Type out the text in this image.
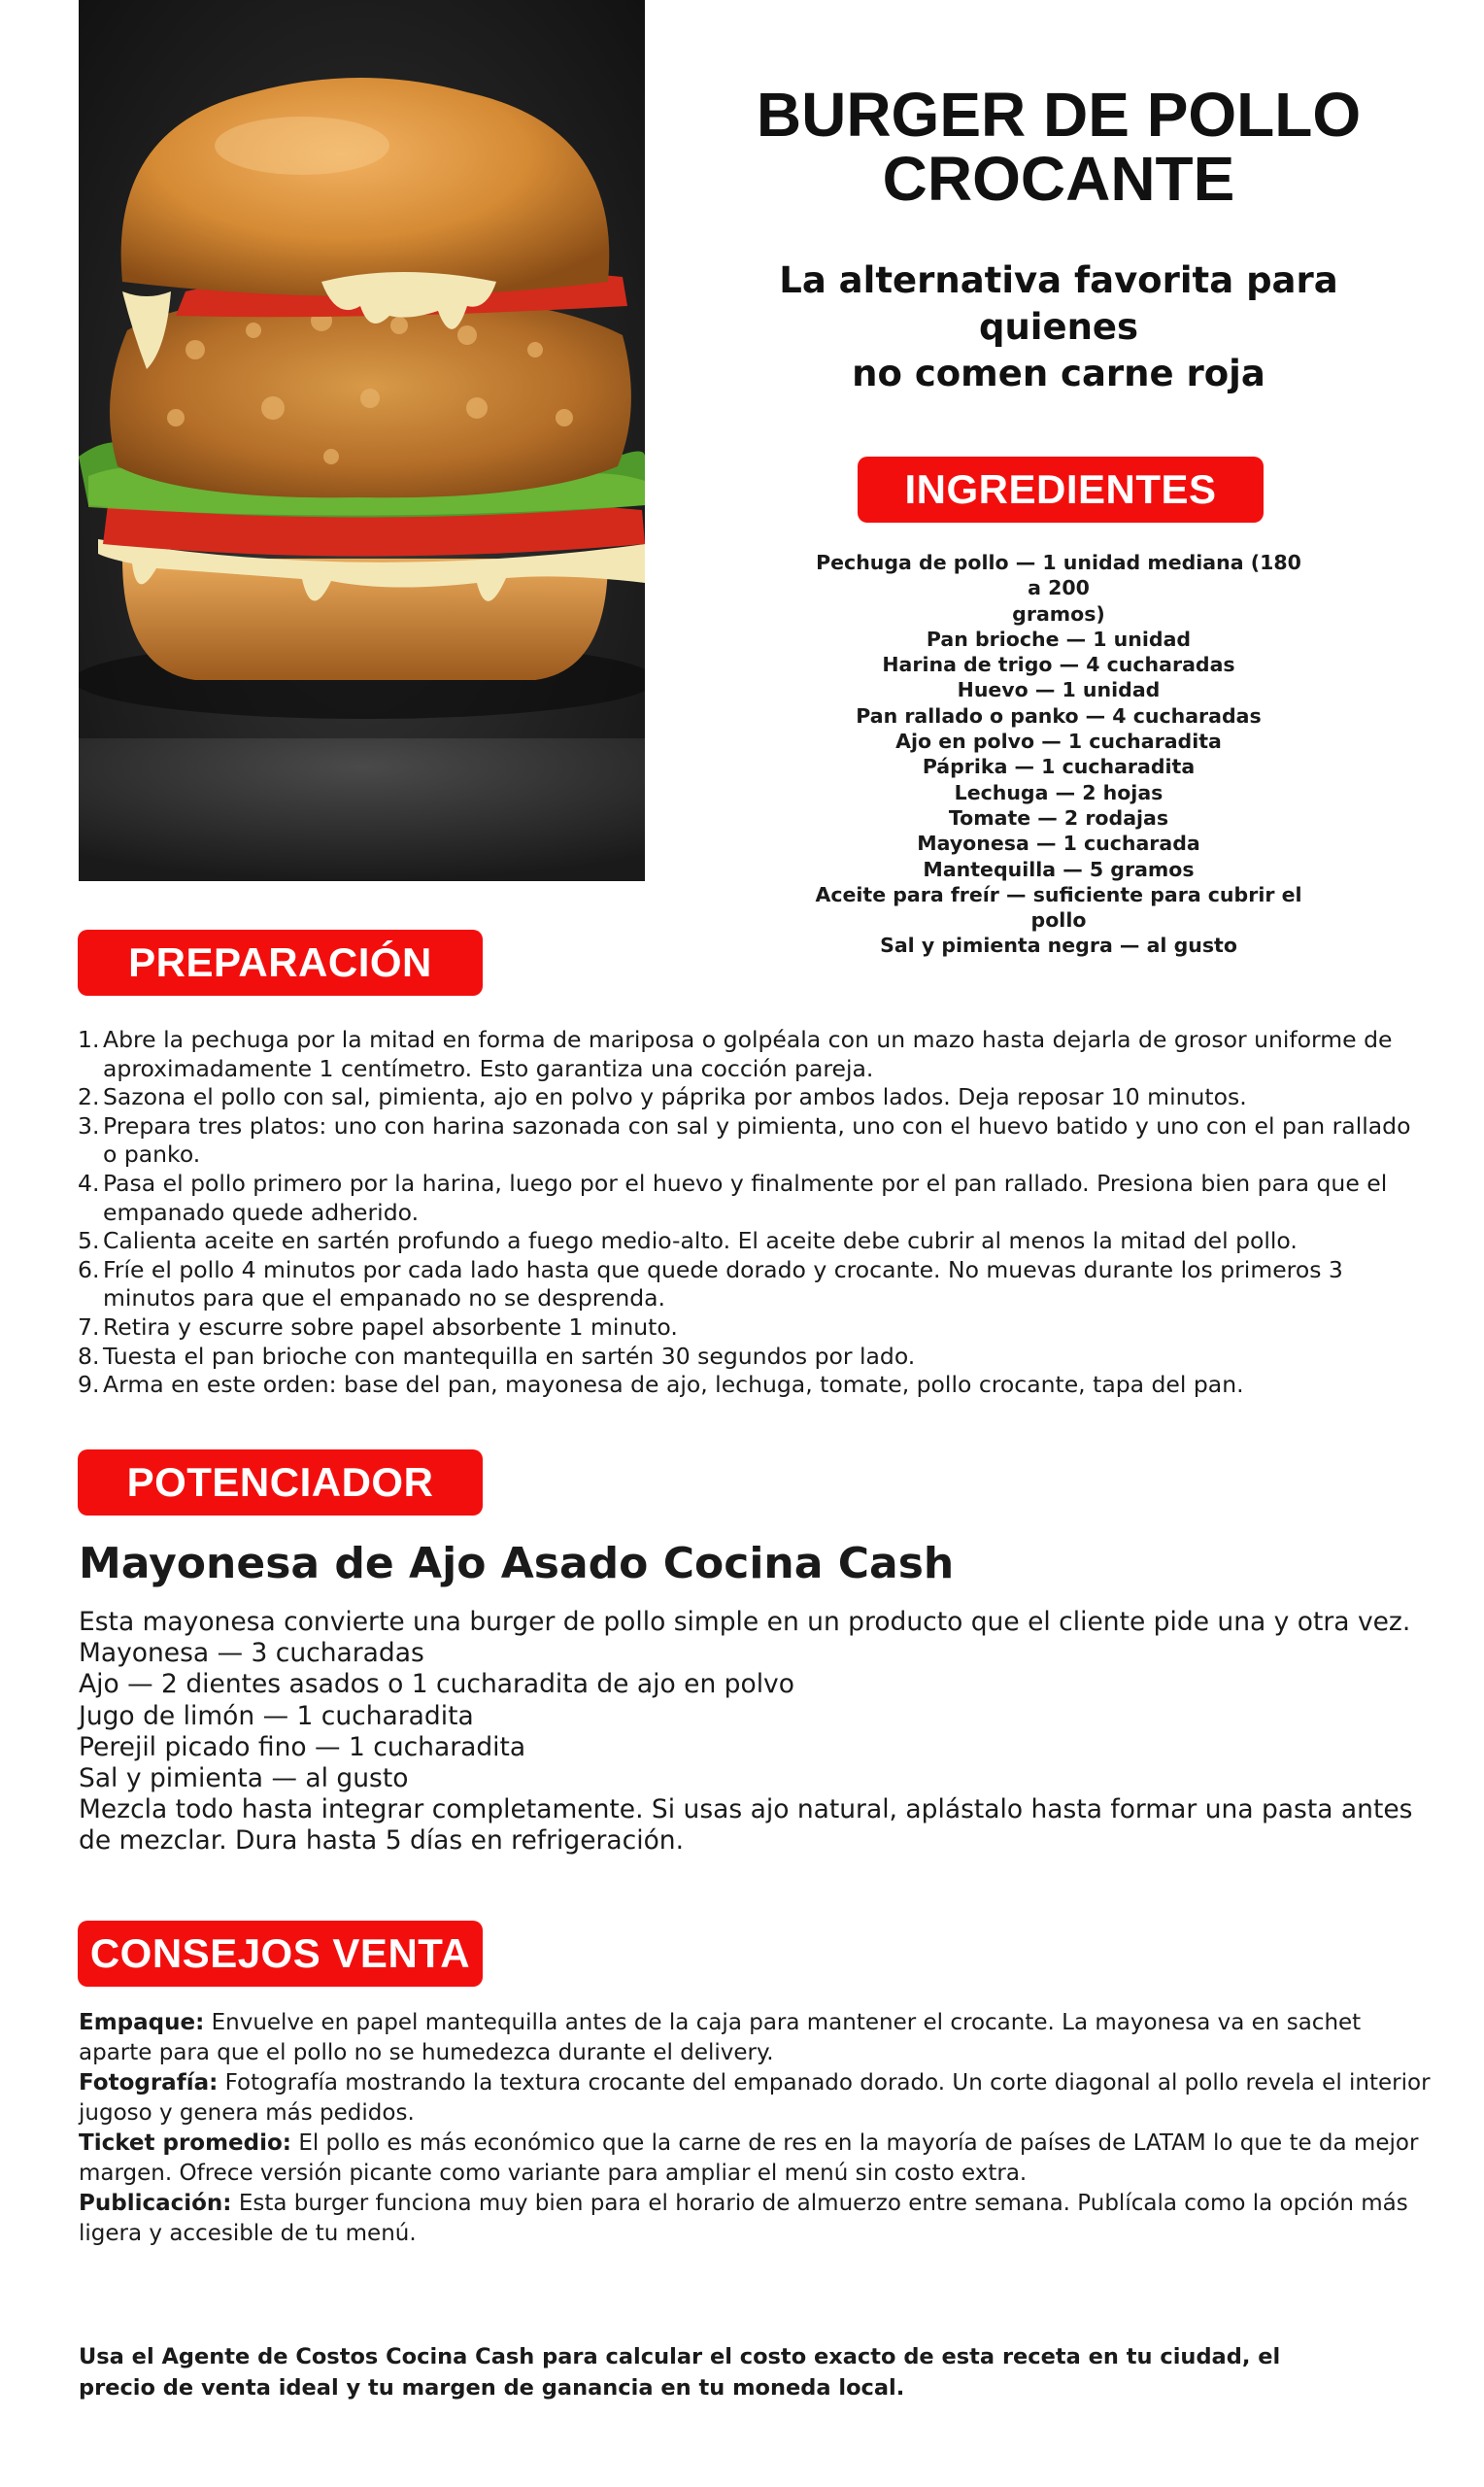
BURGER DE POLLO
CROCANTE

La alternativa favorita para quienes
no comen carne roja

INGREDIENTES
Pechuga de pollo — 1 unidad mediana (180 a 200
gramos)
Pan brioche — 1 unidad
Harina de trigo — 4 cucharadas
Huevo — 1 unidad
Pan rallado o panko — 4 cucharadas
Ajo en polvo — 1 cucharadita
Páprika — 1 cucharadita
Lechuga — 2 hojas
Tomate — 2 rodajas
Mayonesa — 1 cucharada
Mantequilla — 5 gramos
Aceite para freír — suficiente para cubrir el pollo
Sal y pimienta negra — al gusto
PREPARACIÓN
1. Abre la pechuga por la mitad en forma de mariposa o golpéala con un mazo hasta dejarla de grosor uniforme de aproximadamente 1 centímetro. Esto garantiza una cocción pareja.
2. Sazona el pollo con sal, pimienta, ajo en polvo y páprika por ambos lados. Deja reposar 10 minutos.
3. Prepara tres platos: uno con harina sazonada con sal y pimienta, uno con el huevo batido y uno con el pan rallado o panko.
4. Pasa el pollo primero por la harina, luego por el huevo y finalmente por el pan rallado. Presiona bien para que el empanado quede adherido.
5. Calienta aceite en sartén profundo a fuego medio-alto. El aceite debe cubrir al menos la mitad del pollo.
6. Fríe el pollo 4 minutos por cada lado hasta que quede dorado y crocante. No muevas durante los primeros 3 minutos para que el empanado no se desprenda.
7. Retira y escurre sobre papel absorbente 1 minuto.
8. Tuesta el pan brioche con mantequilla en sartén 30 segundos por lado.
9. Arma en este orden: base del pan, mayonesa de ajo, lechuga, tomate, pollo crocante, tapa del pan.
POTENCIADOR
Mayonesa de Ajo Asado Cocina Cash

Esta mayonesa convierte una burger de pollo simple en un producto que el cliente pide una y otra vez.

Mayonesa — 3 cucharadas

Ajo — 2 dientes asados o 1 cucharadita de ajo en polvo

Jugo de limón — 1 cucharadita

Perejil picado fino — 1 cucharadita

Sal y pimienta — al gusto

Mezcla todo hasta integrar completamente. Si usas ajo natural, aplástalo hasta formar una pasta antes de mezclar. Dura hasta 5 días en refrigeración.

CONSEJOS VENTA

Empaque: Envuelve en papel mantequilla antes de la caja para mantener el crocante. La mayonesa va en sachet aparte para que el pollo no se humedezca durante el delivery.

Fotografía: Fotografía mostrando la textura crocante del empanado dorado. Un corte diagonal al pollo revela el interior jugoso y genera más pedidos.

Ticket promedio: El pollo es más económico que la carne de res en la mayoría de países de LATAM lo que te da mejor margen. Ofrece versión picante como variante para ampliar el menú sin costo extra.

Publicación: Esta burger funciona muy bien para el horario de almuerzo entre semana. Publícala como la opción más ligera y accesible de tu menú.

Usa el Agente de Costos Cocina Cash para calcular el costo exacto de esta receta en tu ciudad, el precio de venta ideal y tu margen de ganancia en tu moneda local.
